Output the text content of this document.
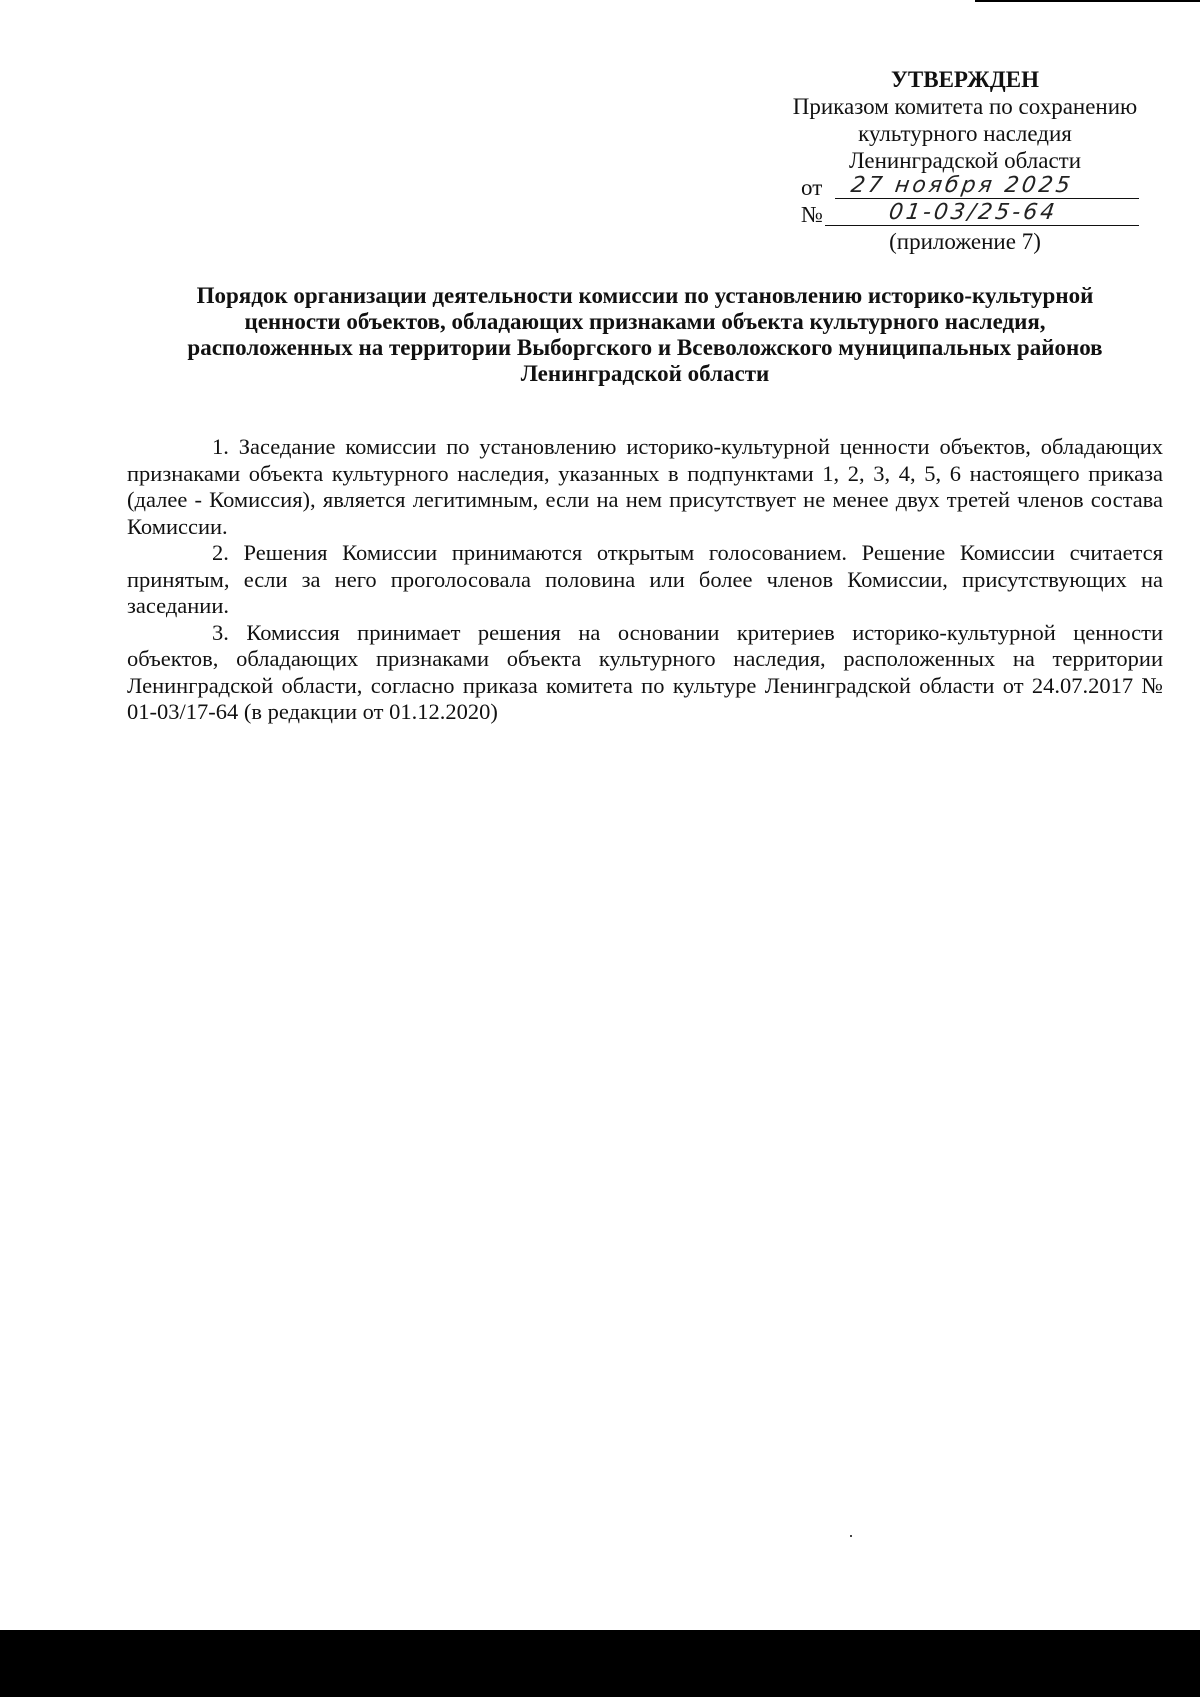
УТВЕРЖДЕН
Приказом комитета по сохранению
культурного наследия
Ленинградской области
от 27 ноября 2025
№	01-03/25-64
(приложение 7)
Порядок организации деятельности комиссии по установлению историко-культурной
ценности объектов, обладающих признаками объекта культурного наследия,
расположенных на территории Выборгского и Всеволожского муниципальных районов
Ленинградской области

1. Заседание комиссии по установлению историко-культурной ценности объектов, обладающих признаками объекта культурного наследия, указанных в подпунктами 1, 2, 3, 4, 5, 6 настоящего приказа (далее - Комиссия), является легитимным, если на нем присутствует не менее двух третей членов состава Комиссии.

2. Решения Комиссии принимаются открытым голосованием. Решение Комиссии считается принятым, если за него проголосовала половина или более членов Комиссии, присутствующих на заседании.

3. Комиссия принимает решения на основании критериев историко-культурной ценности объектов, обладающих признаками объекта культурного наследия, расположенных на территории Ленинградской области, согласно приказа комитета по культуре Ленинградской области от 24.07.2017 № 01-03/17-64 (в редакции от 01.12.2020)
